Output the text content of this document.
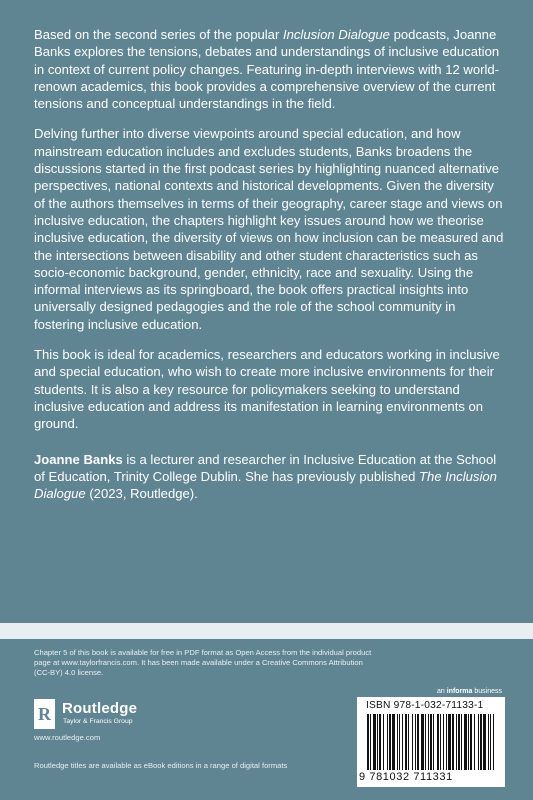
Based on the second series of the popular Inclusion Dialogue podcasts, Joanne Banks explores the tensions, debates and understandings of inclusive education in context of current policy changes. Featuring in-depth interviews with 12 world-renown academics, this book provides a comprehensive overview of the current tensions and conceptual understandings in the field.

Delving further into diverse viewpoints around special education, and how mainstream education includes and excludes students, Banks broadens the discussions started in the first podcast series by highlighting nuanced alternative perspectives, national contexts and historical developments. Given the diversity of the authors themselves in terms of their geography, career stage and views on inclusive education, the chapters highlight key issues around how we theorise inclusive education, the diversity of views on how inclusion can be measured and the intersections between disability and other student characteristics such as socio-economic background, gender, ethnicity, race and sexuality. Using the informal interviews as its springboard, the book offers practical insights into universally designed pedagogies and the role of the school community in fostering inclusive education.

This book is ideal for academics, researchers and educators working in inclusive and special education, who wish to create more inclusive environments for their students. It is also a key resource for policymakers seeking to understand inclusive education and address its manifestation in learning environments on ground.

Joanne Banks is a lecturer and researcher in Inclusive Education at the School of Education, Trinity College Dublin. She has previously published The Inclusion Dialogue (2023, Routledge).

Chapter 5 of this book is available for free in PDF format as Open Access from the individual product page at www.taylorfrancis.com. It has been made available under a Creative Commons Attribution (CC-BY) 4.0 license.
R Routledge
Taylor & Francis Group
www.routledge.com
Routledge titles are available as eBook editions in a range of digital formats
an informa business
ISBN 978-1-032-71133-1
9 781032 711331
